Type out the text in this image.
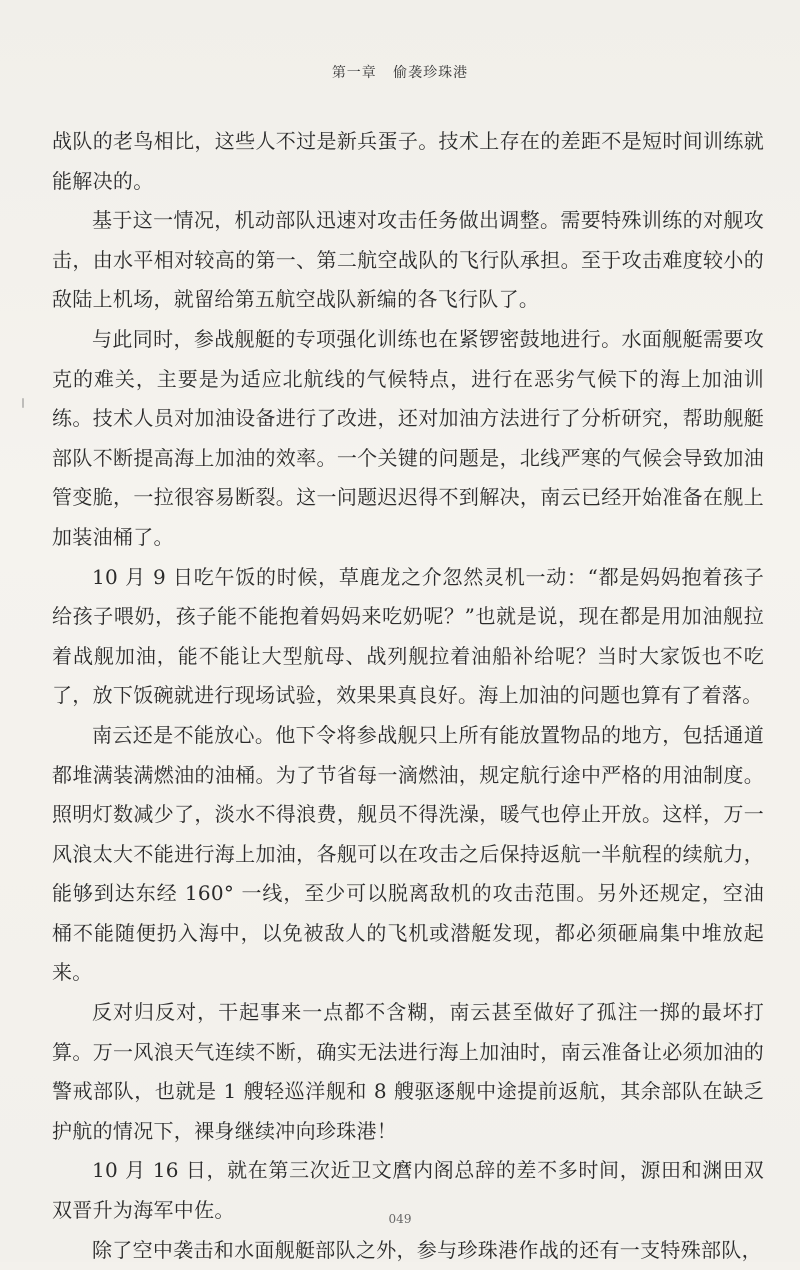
第一章 偷袭珍珠港

战队的老鸟相比，这些人不过是新兵蛋子。技术上存在的差距不是短时间训练就能解决的。

基于这一情况，机动部队迅速对攻击任务做出调整。需要特殊训练的对舰攻击，由水平相对较高的第一、第二航空战队的飞行队承担。至于攻击难度较小的敌陆上机场，就留给第五航空战队新编的各飞行队了。

与此同时，参战舰艇的专项强化训练也在紧锣密鼓地进行。水面舰艇需要攻克的难关，主要是为适应北航线的气候特点，进行在恶劣气候下的海上加油训练。技术人员对加油设备进行了改进，还对加油方法进行了分析研究，帮助舰艇部队不断提高海上加油的效率。一个关键的问题是，北线严寒的气候会导致加油管变脆，一拉很容易断裂。这一问题迟迟得不到解决，南云已经开始准备在舰上加装油桶了。

10 月 9 日吃午饭的时候，草鹿龙之介忽然灵机一动：“都是妈妈抱着孩子给孩子喂奶，孩子能不能抱着妈妈来吃奶呢？”也就是说，现在都是用加油舰拉着战舰加油，能不能让大型航母、战列舰拉着油船补给呢？当时大家饭也不吃了，放下饭碗就进行现场试验，效果果真良好。海上加油的问题也算有了着落。

南云还是不能放心。他下令将参战舰只上所有能放置物品的地方，包括通道都堆满装满燃油的油桶。为了节省每一滴燃油，规定航行途中严格的用油制度。照明灯数减少了，淡水不得浪费，舰员不得洗澡，暖气也停止开放。这样，万一风浪太大不能进行海上加油，各舰可以在攻击之后保持返航一半航程的续航力，能够到达东经 160° 一线，至少可以脱离敌机的攻击范围。另外还规定，空油桶不能随便扔入海中，以免被敌人的飞机或潜艇发现，都必须砸扁集中堆放起来。

反对归反对，干起事来一点都不含糊，南云甚至做好了孤注一掷的最坏打算。万一风浪天气连续不断，确实无法进行海上加油时，南云准备让必须加油的警戒部队，也就是 1 艘轻巡洋舰和 8 艘驱逐舰中途提前返航，其余部队在缺乏护航的情况下，裸身继续冲向珍珠港！

10 月 16 日，就在第三次近卫文麿内阁总辞的差不多时间，源田和渊田双双晋升为海军中佐。

除了空中袭击和水面舰艇部队之外，参与珍珠港作战的还有一支特殊部队，

049
